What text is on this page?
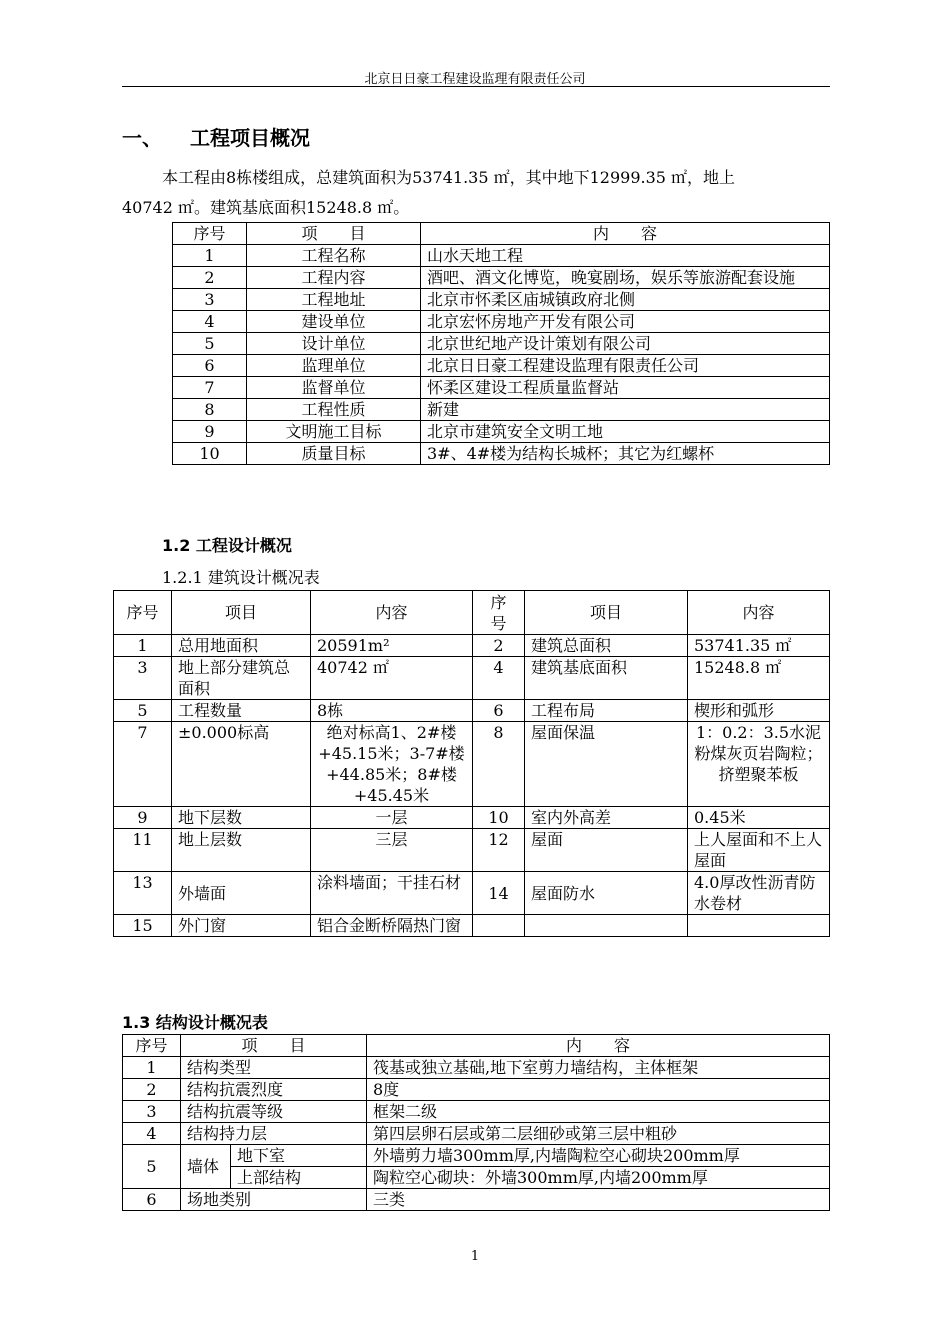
北京日日豪工程建设监理有限责任公司
一、 工程项目概况
本工程由8栋楼组成，总建筑面积为53741.35 ㎡，其中地下12999.35 ㎡，地上
40742 ㎡。建筑基底面积15248.8 ㎡。
序号	项　　目	内　　容
1	工程名称	山水天地工程
2	工程内容	酒吧、酒文化博览，晚宴剧场，娱乐等旅游配套设施
3	工程地址	北京市怀柔区庙城镇政府北侧
4	建设单位	北京宏怀房地产开发有限公司
5	设计单位	北京世纪地产设计策划有限公司
6	监理单位	北京日日豪工程建设监理有限责任公司
7	监督单位	怀柔区建设工程质量监督站
8	工程性质	新建
9	文明施工目标	北京市建筑安全文明工地
10	质量目标	3#、4#楼为结构长城杯；其它为红螺杯
1.2 工程设计概况
1.2.1 建筑设计概况表
序号	项目	内容	序号	项目	内容
1	总用地面积	20591m²	2	建筑总面积	53741.35 ㎡
3	地上部分建筑总面积	40742 ㎡	4	建筑基底面积	15248.8 ㎡
5	工程数量	8栋	6	工程布局	楔形和弧形
7	±0.000标高	绝对标高1、2#楼+45.15米；3-7#楼+44.85米；8#楼+45.45米	8	屋面保温	1：0.2：3.5水泥粉煤灰页岩陶粒；挤塑聚苯板
9	地下层数	一层	10	室内外高差	0.45米
11	地上层数	三层	12	屋面	上人屋面和不上人屋面
13	外墙面	涂料墙面；干挂石材	14	屋面防水	4.0厚改性沥青防水卷材
15	外门窗	铝合金断桥隔热门窗			
1.3 结构设计概况表
序号	项　　目		内　　容
1	结构类型		筏基或独立基础,地下室剪力墙结构，主体框架
2	结构抗震烈度		8度
3	结构抗震等级		框架二级
4	结构持力层		第四层卵石层或第二层细砂或第三层中粗砂
5	墙体	地下室	外墙剪力墙300mm厚,内墙陶粒空心砌块200mm厚
		上部结构	陶粒空心砌块：外墙300mm厚,内墙200mm厚
6	场地类别		三类
1
